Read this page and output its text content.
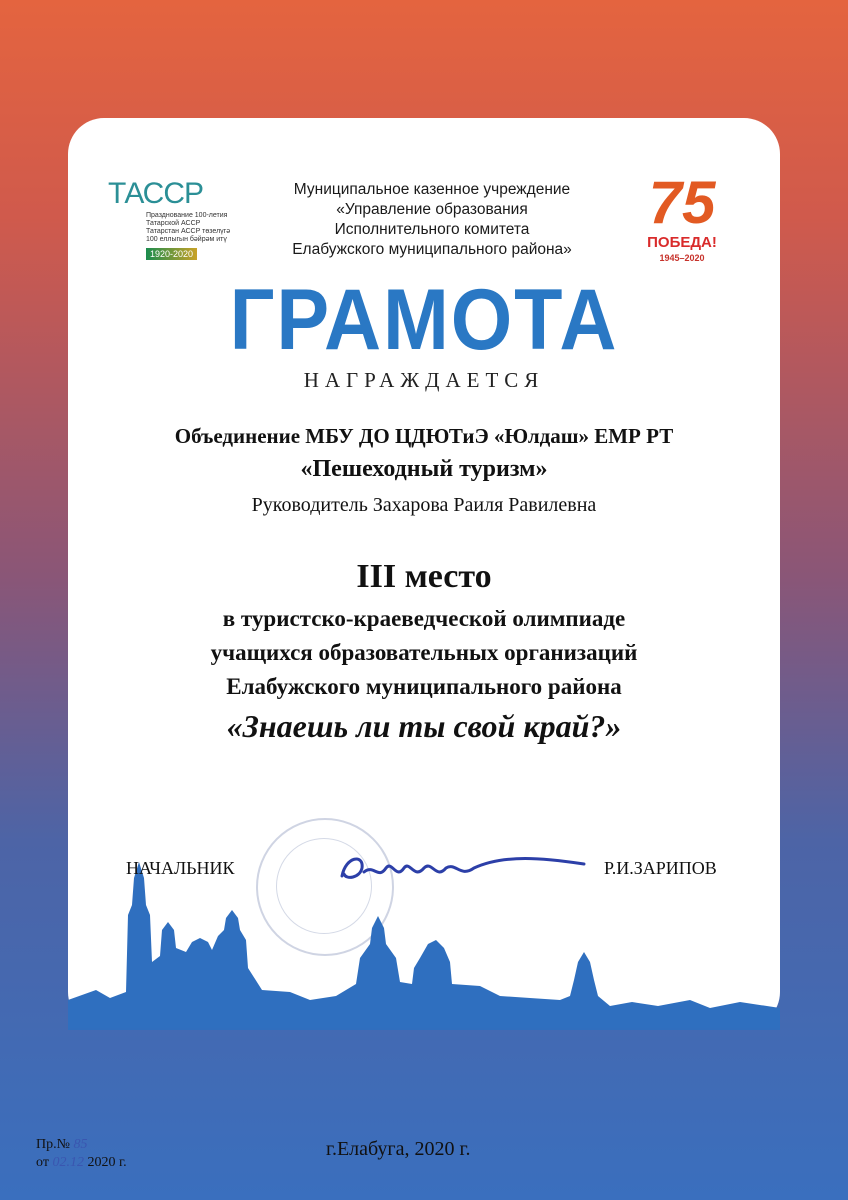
ТАССР
Празднование 100-летия
Татарской АССР
Татарстан АССР төзелүгә
100 еллыгын бәйрәм итү
1920-2020
Муниципальное казенное учреждение
«Управление образования
Исполнительного комитета
Елабужского муниципального района»
75
ПОБЕДА!
1945–2020
ГРАМОТА
НАГРАЖДАЕТСЯ
Объединение МБУ ДО ЦДЮТиЭ «Юлдаш» ЕМР РТ
«Пешеходный туризм»
Руководитель Захарова Раиля Равилевна
III место
в туристско-краеведческой олимпиаде
учащихся образовательных организаций
Елабужского муниципального района
«Знаешь ли ты свой край?»
НАЧАЛЬНИК	Р.И.ЗАРИПОВ
Пр.№ 85
от 02.12 2020 г.
г.Елабуга, 2020 г.
